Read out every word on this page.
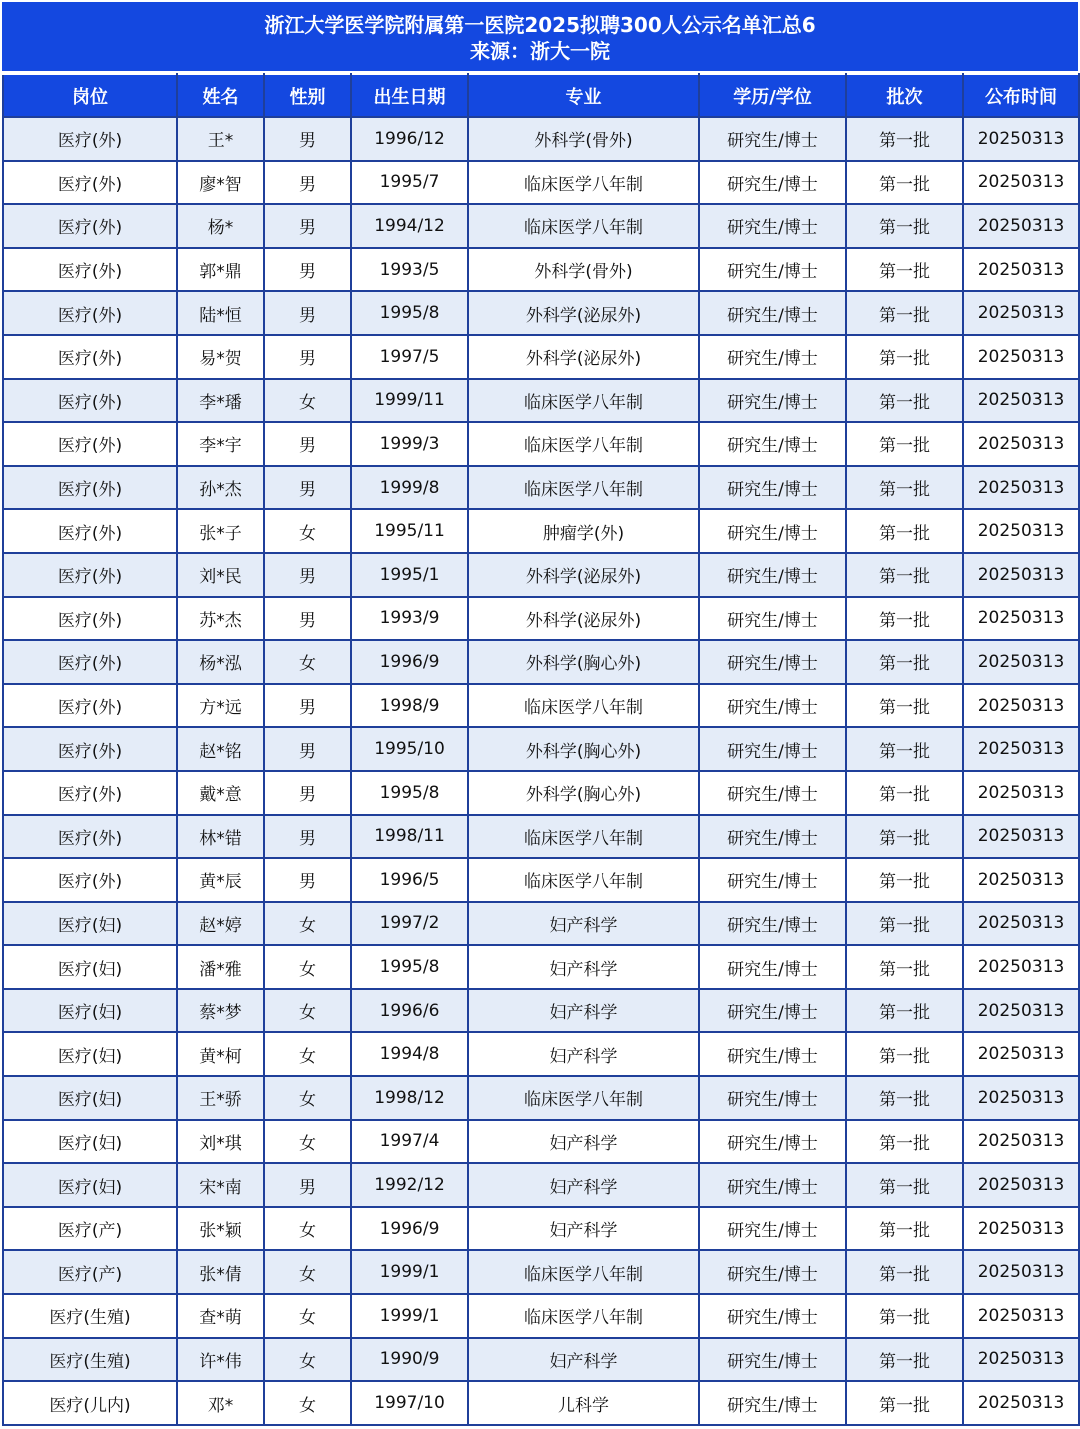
浙江大学医学院附属第一医院2025拟聘300人公示名单汇总6
来源：浙大一院
岗位	姓名	性别	出生日期	专业	学历/学位	批次	公布时间
医疗(外)	王*	男	1996/12	外科学(骨外)	研究生/博士	第一批	20250313
医疗(外)	廖*智	男	1995/7	临床医学八年制	研究生/博士	第一批	20250313
医疗(外)	杨*	男	1994/12	临床医学八年制	研究生/博士	第一批	20250313
医疗(外)	郭*鼎	男	1993/5	外科学(骨外)	研究生/博士	第一批	20250313
医疗(外)	陆*恒	男	1995/8	外科学(泌尿外)	研究生/博士	第一批	20250313
医疗(外)	易*贺	男	1997/5	外科学(泌尿外)	研究生/博士	第一批	20250313
医疗(外)	李*璠	女	1999/11	临床医学八年制	研究生/博士	第一批	20250313
医疗(外)	李*宇	男	1999/3	临床医学八年制	研究生/博士	第一批	20250313
医疗(外)	孙*杰	男	1999/8	临床医学八年制	研究生/博士	第一批	20250313
医疗(外)	张*子	女	1995/11	肿瘤学(外)	研究生/博士	第一批	20250313
医疗(外)	刘*民	男	1995/1	外科学(泌尿外)	研究生/博士	第一批	20250313
医疗(外)	苏*杰	男	1993/9	外科学(泌尿外)	研究生/博士	第一批	20250313
医疗(外)	杨*泓	女	1996/9	外科学(胸心外)	研究生/博士	第一批	20250313
医疗(外)	方*远	男	1998/9	临床医学八年制	研究生/博士	第一批	20250313
医疗(外)	赵*铭	男	1995/10	外科学(胸心外)	研究生/博士	第一批	20250313
医疗(外)	戴*意	男	1995/8	外科学(胸心外)	研究生/博士	第一批	20250313
医疗(外)	林*错	男	1998/11	临床医学八年制	研究生/博士	第一批	20250313
医疗(外)	黄*辰	男	1996/5	临床医学八年制	研究生/博士	第一批	20250313
医疗(妇)	赵*婷	女	1997/2	妇产科学	研究生/博士	第一批	20250313
医疗(妇)	潘*雅	女	1995/8	妇产科学	研究生/博士	第一批	20250313
医疗(妇)	蔡*梦	女	1996/6	妇产科学	研究生/博士	第一批	20250313
医疗(妇)	黄*柯	女	1994/8	妇产科学	研究生/博士	第一批	20250313
医疗(妇)	王*骄	女	1998/12	临床医学八年制	研究生/博士	第一批	20250313
医疗(妇)	刘*琪	女	1997/4	妇产科学	研究生/博士	第一批	20250313
医疗(妇)	宋*南	男	1992/12	妇产科学	研究生/博士	第一批	20250313
医疗(产)	张*颖	女	1996/9	妇产科学	研究生/博士	第一批	20250313
医疗(产)	张*倩	女	1999/1	临床医学八年制	研究生/博士	第一批	20250313
医疗(生殖)	查*萌	女	1999/1	临床医学八年制	研究生/博士	第一批	20250313
医疗(生殖)	许*伟	女	1990/9	妇产科学	研究生/博士	第一批	20250313
医疗(儿内)	邓*	女	1997/10	儿科学	研究生/博士	第一批	20250313
